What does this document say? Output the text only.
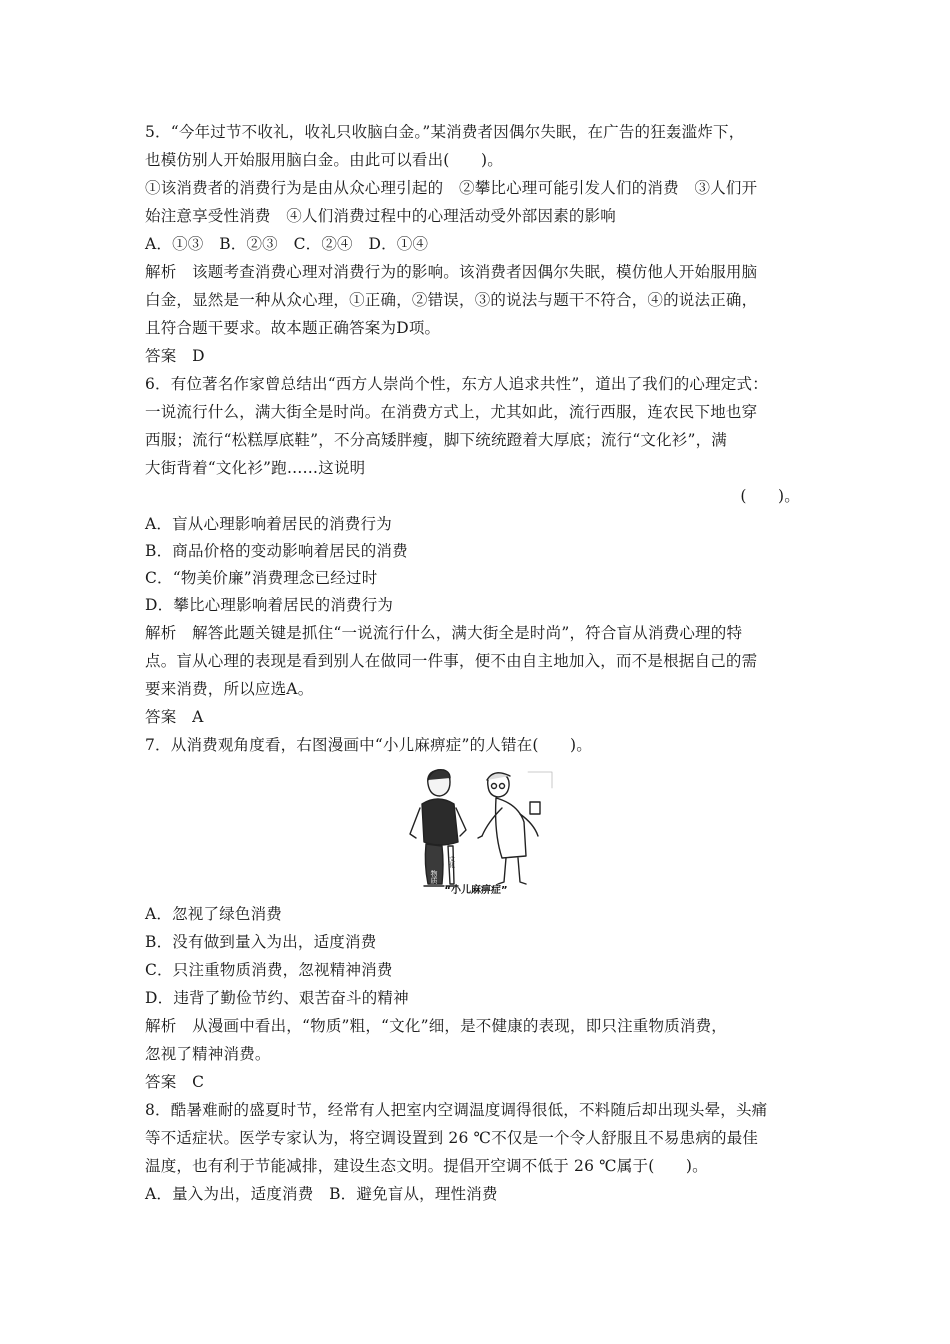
5．“今年过节不收礼，收礼只收脑白金。”某消费者因偶尔失眠，在广告的狂轰滥炸下，
也模仿别人开始服用脑白金。由此可以看出(　　)。
①该消费者的消费行为是由从众心理引起的　②攀比心理可能引发人们的消费　③人们开
始注意享受性消费　④人们消费过程中的心理活动受外部因素的影响
A．①③　B．②③　C．②④　D．①④
解析　该题考查消费心理对消费行为的影响。该消费者因偶尔失眠，模仿他人开始服用脑
白金，显然是一种从众心理，①正确，②错误，③的说法与题干不符合，④的说法正确，
且符合题干要求。故本题正确答案为D项。
答案　D
6．有位著名作家曾总结出“西方人崇尚个性，东方人追求共性”，道出了我们的心理定式：
一说流行什么，满大街全是时尚。在消费方式上，尤其如此，流行西服，连农民下地也穿
西服；流行“松糕厚底鞋”，不分高矮胖瘦，脚下统统蹬着大厚底；流行“文化衫”，满
大街背着“文化衫”跑……这说明
(　　)。
A．盲从心理影响着居民的消费行为
B．商品价格的变动影响着居民的消费
C．“物美价廉”消费理念已经过时
D．攀比心理影响着居民的消费行为
解析　解答此题关键是抓住“一说流行什么，满大街全是时尚”，符合盲从消费心理的特
点。盲从心理的表现是看到别人在做同一件事，便不由自主地加入，而不是根据自己的需
要来消费，所以应选A。
答案　A
7．从消费观角度看，右图漫画中“小儿麻痹症”的人错在(　　)。
物质
文化
“小儿麻痹症”
A．忽视了绿色消费
B．没有做到量入为出，适度消费
C．只注重物质消费，忽视精神消费
D．违背了勤俭节约、艰苦奋斗的精神
解析　从漫画中看出，“物质”粗，“文化”细，是不健康的表现，即只注重物质消费，
忽视了精神消费。
答案　C
8．酷暑难耐的盛夏时节，经常有人把室内空调温度调得很低，不料随后却出现头晕，头痛
等不适症状。医学专家认为，将空调设置到 26 ℃不仅是一个令人舒服且不易患病的最佳
温度，也有利于节能减排，建设生态文明。提倡开空调不低于 26 ℃属于(　　)。
A．量入为出，适度消费　B．避免盲从，理性消费
